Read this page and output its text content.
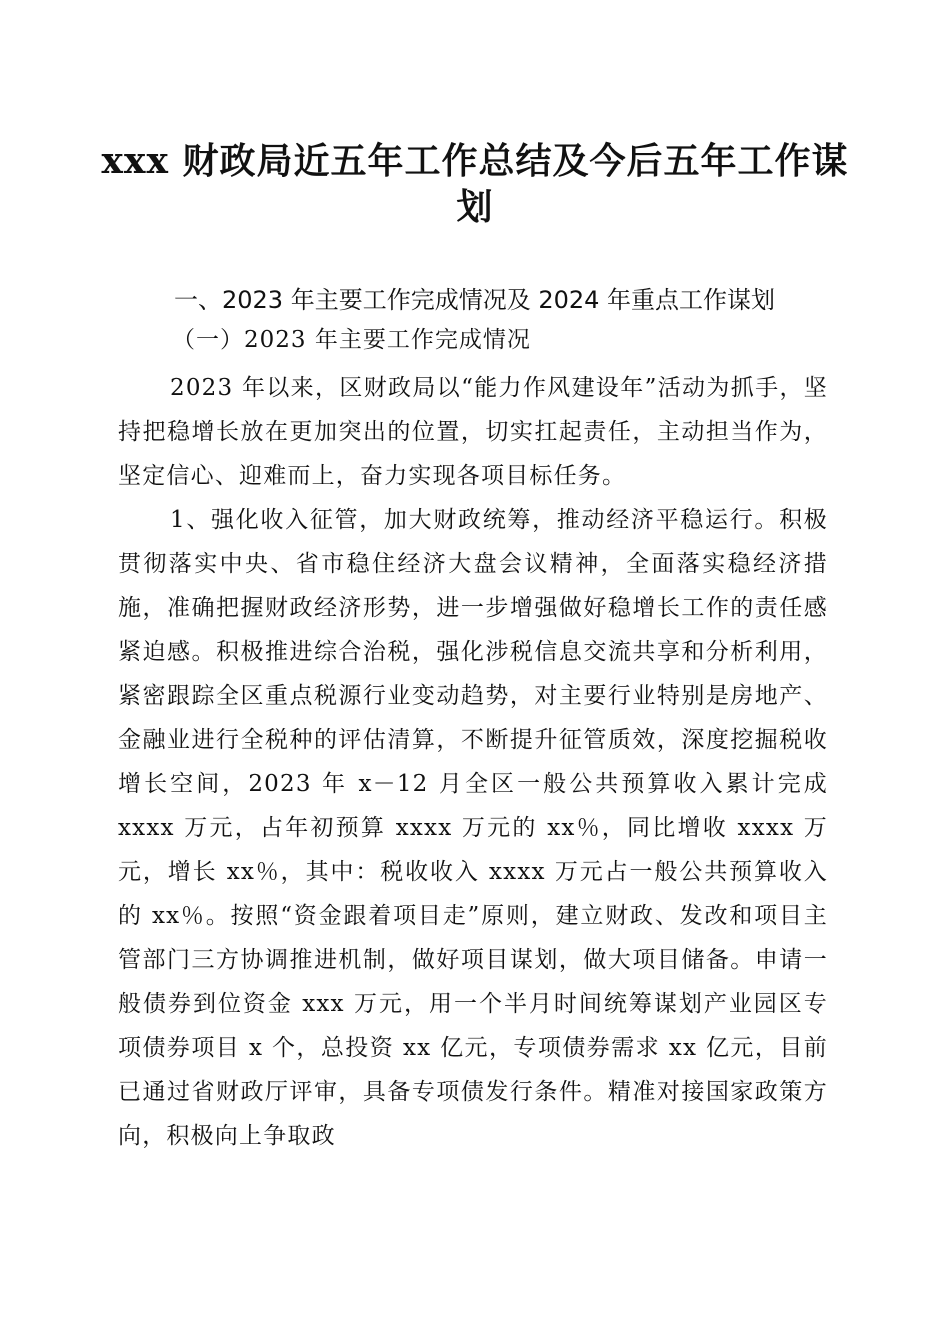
xxx 财政局近五年工作总结及今后五年工作谋划
一、2023 年主要工作完成情况及 2024 年重点工作谋划
（一）2023 年主要工作完成情况

2023 年以来，区财政局以“能力作风建设年”活动为抓手，坚持把稳增长放在更加突出的位置，切实扛起责任，主动担当作为，坚定信心、迎难而上，奋力实现各项目标任务。

1、强化收入征管，加大财政统筹，推动经济平稳运行。积极贯彻落实中央、省市稳住经济大盘会议精神，全面落实稳经济措施，准确把握财政经济形势，进一步增强做好稳增长工作的责任感紧迫感。积极推进综合治税，强化涉税信息交流共享和分析利用，紧密跟踪全区重点税源行业变动趋势，对主要行业特别是房地产、金融业进行全税种的评估清算，不断提升征管质效，深度挖掘税收增长空间，2023 年 x－12 月全区一般公共预算收入累计完成 xxxx 万元，占年初预算 xxxx 万元的 xx％，同比增收 xxxx 万元，增长 xx％，其中：税收收入 xxxx 万元占一般公共预算收入的 xx％。按照“资金跟着项目走”原则，建立财政、发改和项目主管部门三方协调推进机制，做好项目谋划，做大项目储备。申请一般债券到位资金 xxx 万元，用一个半月时间统筹谋划产业园区专项债券项目 x 个，总投资 xx 亿元，专项债券需求 xx 亿元，目前已通过省财政厅评审，具备专项债发行条件。精准对接国家政策方向，积极向上争取政
